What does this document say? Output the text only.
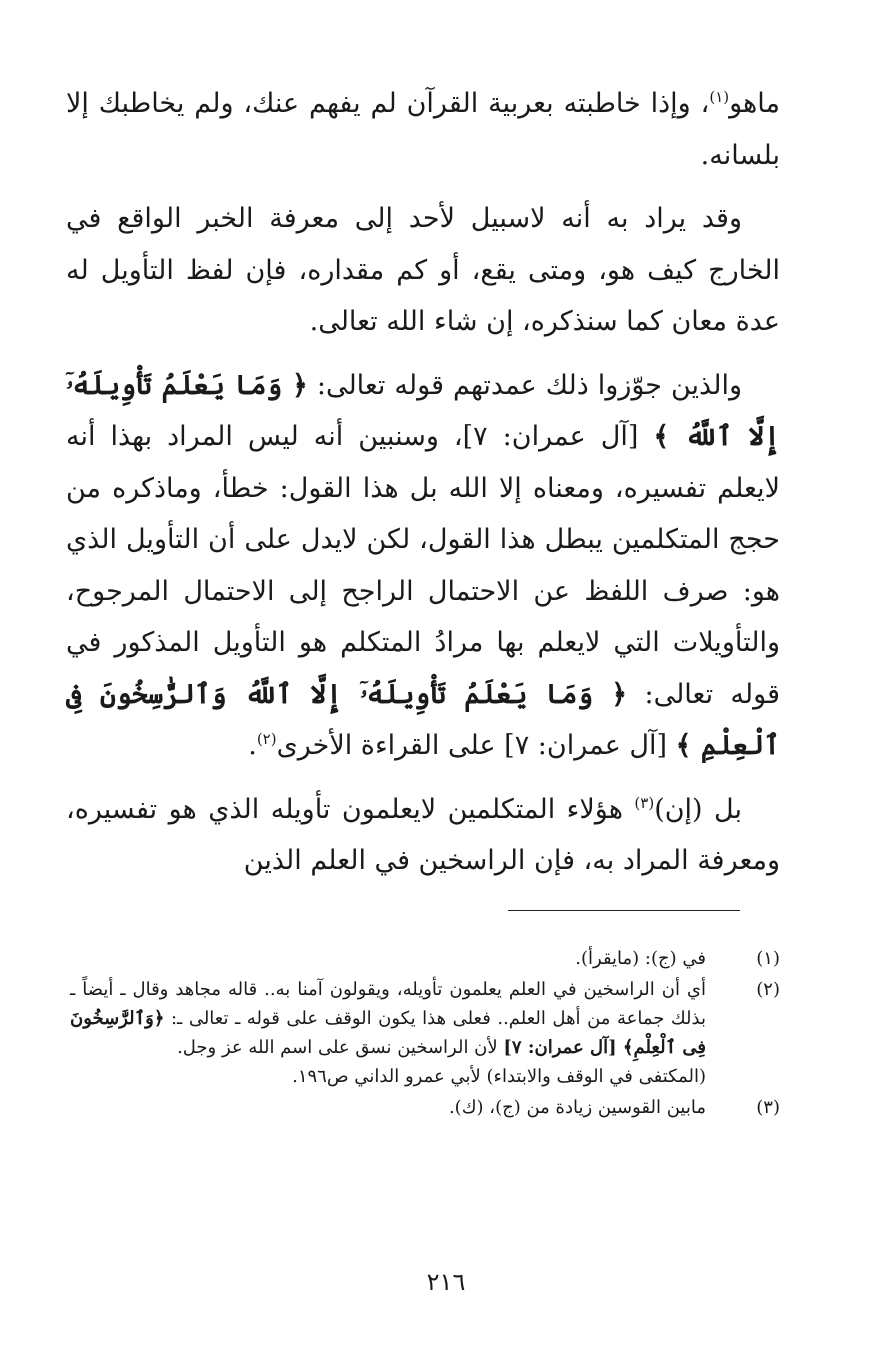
ماهو$^{(١)}$، وإذا خاطبته بعربية القرآن لم يفهم عنك، ولم يخاطبك إلا بلسانه.

وقد يراد به أنه لاسبيل لأحد إلى معرفة الخبر الواقع في الخارج كيف هو، ومتى يقع، أو كم مقداره، فإن لفظ التأويل له عدة معان كما سنذكره، إن شاء الله تعالى.

والذين جوّزوا ذلك عمدتهم قوله تعالى: ﴿ وَمَا يَعْلَمُ تَأْوِيلَهُۥٓ إِلَّا ٱللَّهُ ﴾ [آل عمران: ٧]، وسنبين أنه ليس المراد بهذا أنه لايعلم تفسيره، ومعناه إلا الله بل هذا القول: خطأ، وماذكره من حجج المتكلمين يبطل هذا القول، لكن لايدل على أن التأويل الذي هو: صرف اللفظ عن الاحتمال الراجح إلى الاحتمال المرجوح، والتأويلات التي لايعلم بها مرادُ المتكلم هو التأويل المذكور في قوله تعالى: ﴿ وَمَا يَعْلَمُ تَأْوِيلَهُۥٓ إِلَّا ٱللَّهُ وَٱلرَّٰسِخُونَ فِى ٱلْعِلْمِ ﴾ [آل عمران: ٧] على القراءة الأخرى$^{(٢)}$.

بل (إن)$^{(٣)}$ هؤلاء المتكلمين لايعلمون تأويله الذي هو تفسيره، ومعرفة المراد به، فإن الراسخين في العلم الذين

(١)
في (ج): (مايقرأ).
(٢)
أي أن الراسخين في العلم يعلمون تأويله، ويقولون آمنا به.. قاله مجاهد وقال ـ أيضاً ـ بذلك جماعة من أهل العلم.. فعلى هذا يكون الوقف على قوله ـ تعالى ـ: ﴿وَٱلرَّٰسِخُونَ فِى ٱلْعِلْمِ﴾ [آل عمران: ٧] لأن الراسخين نسق على اسم الله عز وجل.
(المكتفى في الوقف والابتداء) لأبي عمرو الداني ص١٩٦.
(٣)
مابين القوسين زيادة من (ج)، (ك).
٢١٦
